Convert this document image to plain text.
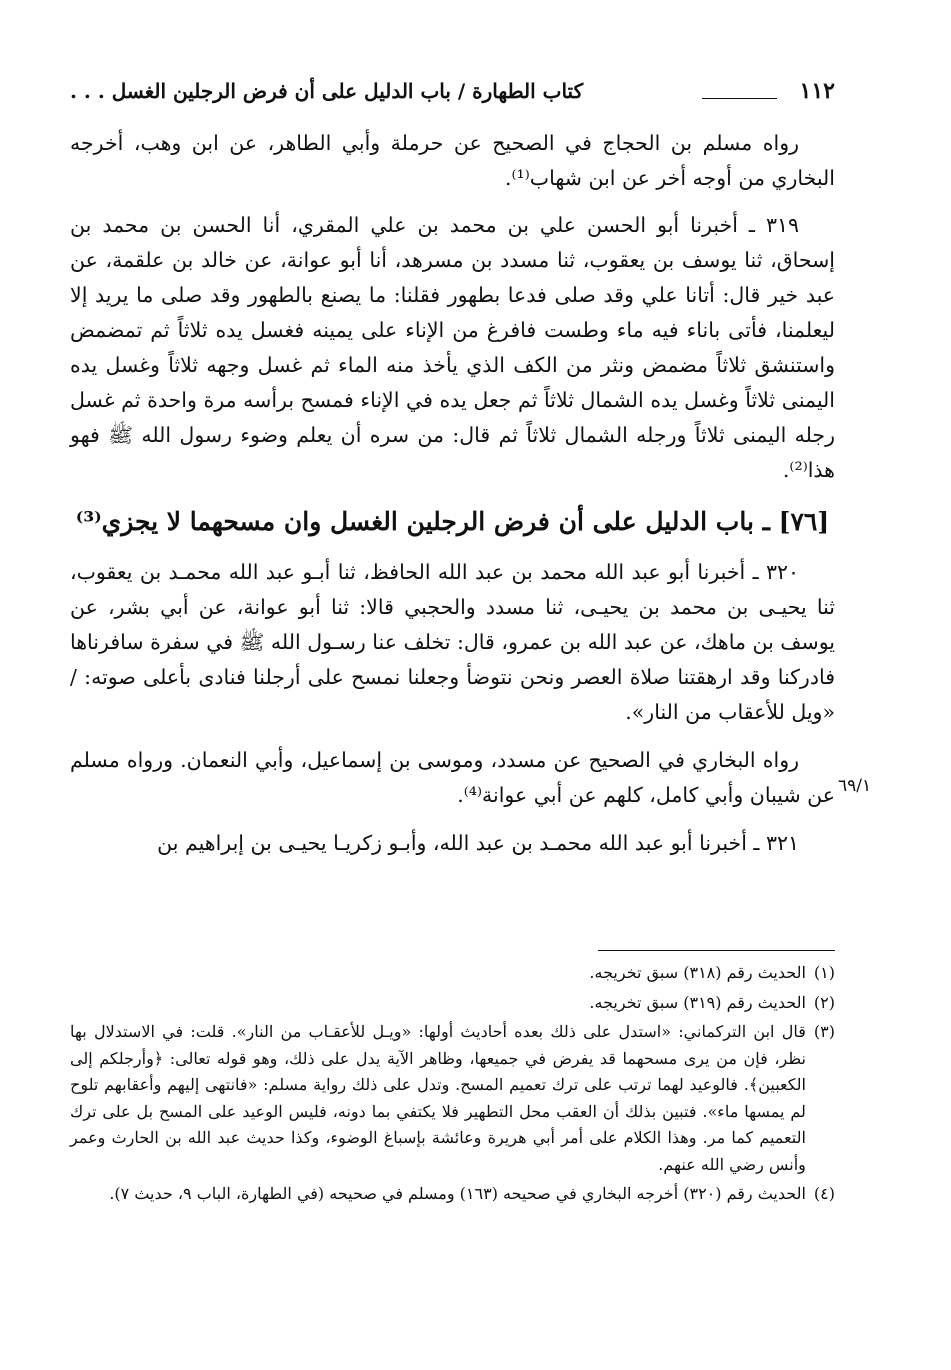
١١٢
كتاب الطهارة / باب الدليل على أن فرض الرجلين الغسل . . .

رواه مسلم بن الحجاج في الصحيح عن حرملة وأبي الطاهر، عن ابن وهب، أخرجه البخاري من أوجه أخر عن ابن شهاب⁽¹⁾.

٣١٩ ـ أخبرنا أبو الحسن علي بن محمد بن علي المقري، أنا الحسن بن محمد بن إسحاق، ثنا يوسف بن يعقوب، ثنا مسدد بن مسرهد، أنا أبو عوانة، عن خالد بن علقمة، عن عبد خير قال: أتانا علي وقد صلى فدعا بطهور فقلنا: ما يصنع بالطهور وقد صلى ما يريد إلا ليعلمنا، فأتى باناء فيه ماء وطست فافرغ من الإناء على يمينه فغسل يده ثلاثاً ثم تمضمض واستنشق ثلاثاً مضمض ونثر من الكف الذي يأخذ منه الماء ثم غسل وجهه ثلاثاً وغسل يده اليمنى ثلاثاً وغسل يده الشمال ثلاثاً ثم جعل يده في الإناء فمسح برأسه مرة واحدة ثم غسل رجله اليمنى ثلاثاً ورجله الشمال ثلاثاً ثم قال: من سره أن يعلم وضوء رسول الله ﷺ فهو هذا⁽²⁾.

[٧٦] ـ باب الدليل على أن فرض الرجلين الغسل وان مسحهما لا يجزي⁽³⁾

٣٢٠ ـ أخبرنا أبو عبد الله محمد بن عبد الله الحافظ، ثنا أبـو عبد الله محمـد بن يعقوب، ثنا يحيـى بن محمد بن يحيـى، ثنا مسدد والحجبي قالا: ثنا أبو عوانة، عن أبي بشر، عن يوسف بن ماهك، عن عبد الله بن عمرو، قال: تخلف عنا رسـول الله ﷺ في سفرة سافرناها فادركنا وقد ارهقتنا صلاة العصر ونحن نتوضأ وجعلنا نمسح على أرجلنا فنادى بأعلى صوته: / «ويل للأعقاب من النار».

رواه البخاري في الصحيح عن مسدد، وموسى بن إسماعيل، وأبي النعمان. ورواه مسلم عن شيبان وأبي كامل، كلهم عن أبي عوانة⁽⁴⁾.

٣٢١ ـ أخبرنا أبو عبد الله محمـد بن عبد الله، وأبـو زكريـا يحيـى بن إبراهيم بن

٦٩/١
(١)
الحديث رقم (٣١٨) سبق تخريجه.
(٢)
الحديث رقم (٣١٩) سبق تخريجه.
(٣)
قال ابن التركماني: «استدل على ذلك بعده أحاديث أولها: «ويـل للأعقـاب من النار». قلت: في الاستدلال بها نظر، فإن من يرى مسحهما قد يفرض في جميعها، وظاهر الآية يدل على ذلك، وهو قوله تعالى: ﴿وأرجلكم إلى الكعبين﴾. فالوعيد لهما ترتب على ترك تعميم المسح. وتدل على ذلك رواية مسلم: «فانتهى إليهم وأعقابهم تلوح لم يمسها ماء». فتبين بذلك أن العقب محل التطهير فلا يكتفي بما دونه، فليس الوعيد على المسح بل على ترك التعميم كما مر. وهذا الكلام على أمر أبي هريرة وعائشة بإسباغ الوضوء، وكذا حديث عبد الله بن الحارث وعمر وأنس رضي الله عنهم.
(٤)
الحديث رقم (٣٢٠) أخرجه البخاري في صحيحه (١٦٣) ومسلم في صحيحه (في الطهارة، الباب ٩، حديث ٧).
